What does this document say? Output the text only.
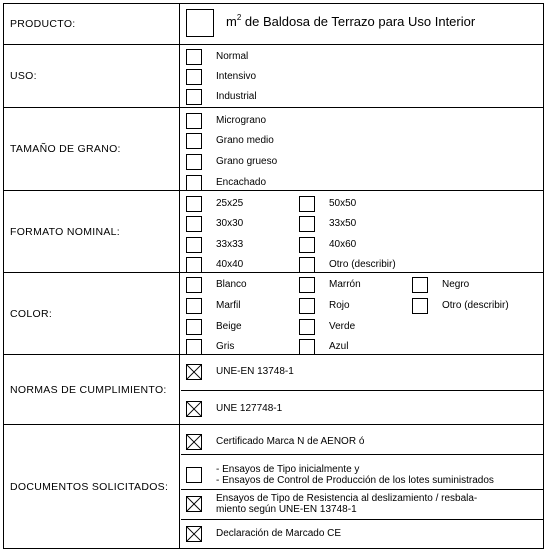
PRODUCTO:	$m^2$ de Baldosa de Terrazo para Uso Interior
USO:
Normal
Intensivo
Industrial
TAMAÑO DE GRANO:
Micrograno
Grano medio
Grano grueso
Encachado
FORMATO NOMINAL:
25x25
30x30
33x33
40x40
50x50
33x50
40x60
Otro (describir)
COLOR:
Blanco
Marfil
Beige
Gris
Marrón
Rojo
Verde
Azul
Negro
Otro (describir)
NORMAS DE CUMPLIMIENTO:
UNE-EN 13748-1
UNE 127748-1
DOCUMENTOS SOLICITADOS:
Certificado Marca N de AENOR ó
- Ensayos de Tipo inicialmente y
- Ensayos de Control de Producción de los lotes suministrados
Ensayos de Tipo de Resistencia al deslizamiento / resbala-
miento según UNE-EN 13748-1
Declaración de Marcado CE
